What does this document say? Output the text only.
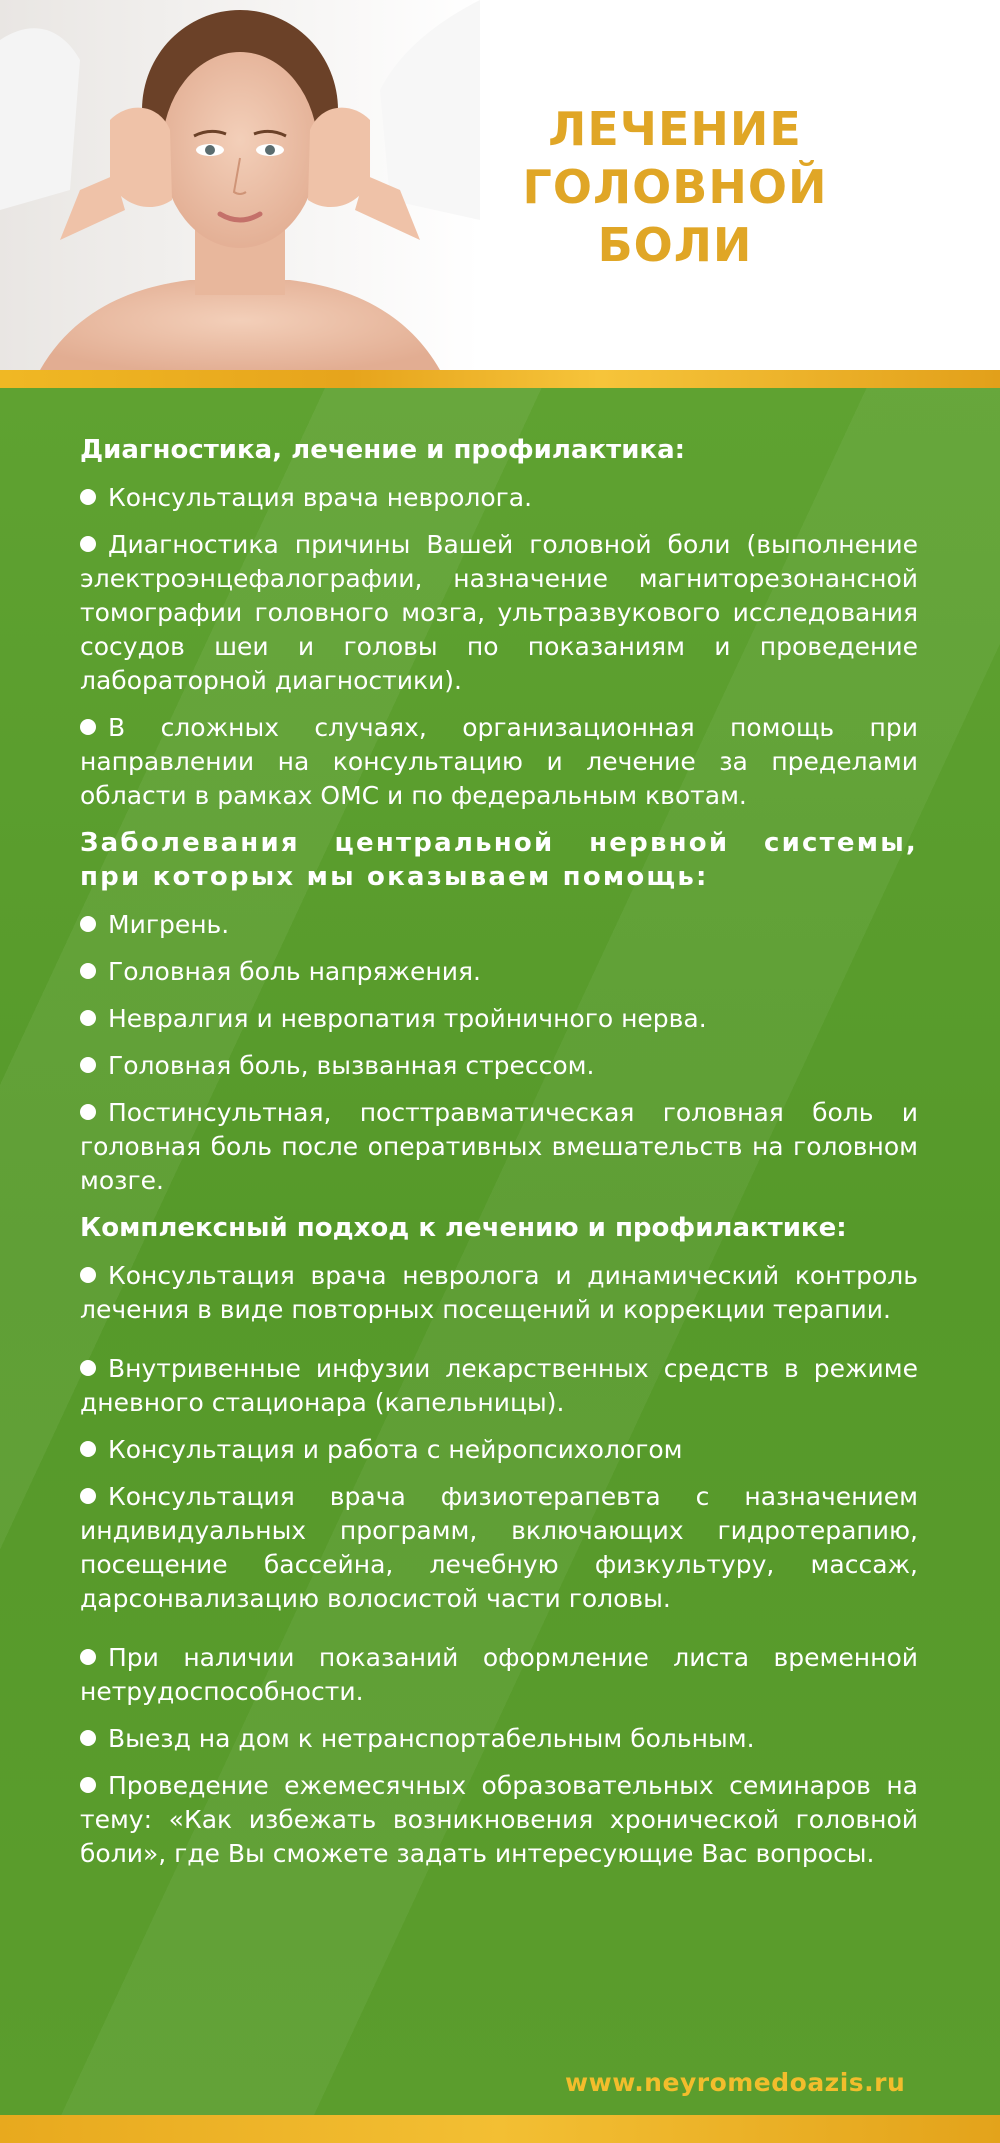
ЛЕЧЕНИЕ
ГОЛОВНОЙ
БОЛИ

Диагностика, лечение и профилактика:

Консультация врача невролога.

Диагностика причины Вашей головной боли (выполнение электроэнцефалографии, назначение магниторезонансной томографии головного мозга, ультразвукового исследования сосудов шеи и головы по показаниям и проведение лабораторной диагностики).

В сложных случаях, организационная помощь при направлении на консультацию и лечение за пределами области в рамках ОМС и по федеральным квотам.

Заболевания центральной нервной системы, при которых мы оказываем помощь:

Мигрень.

Головная боль напряжения.

Невралгия и невропатия тройничного нерва.

Головная боль, вызванная стрессом.

Постинсультная, посттравматическая головная боль и головная боль после оперативных вмешательств на головном мозге.

Комплексный подход к лечению и профилактике:

Консультация врача невролога и динамический контроль лечения в виде повторных посещений и коррекции терапии.

Внутривенные инфузии лекарственных средств в режиме дневного стационара (капельницы).

Консультация и работа с нейропсихологом

Консультация врача физиотерапевта с назначением индивидуальных программ, включающих гидротерапию, посещение бассейна, лечебную физкультуру, массаж, дарсонвализацию волосистой части головы.

При наличии показаний оформление листа временной нетрудоспособности.

Выезд на дом к нетранспортабельным больным.

Проведение ежемесячных образовательных семинаров на тему: «Как избежать возникновения хронической головной боли», где Вы сможете задать интересующие Вас вопросы.

www.neyromedoazis.ru
